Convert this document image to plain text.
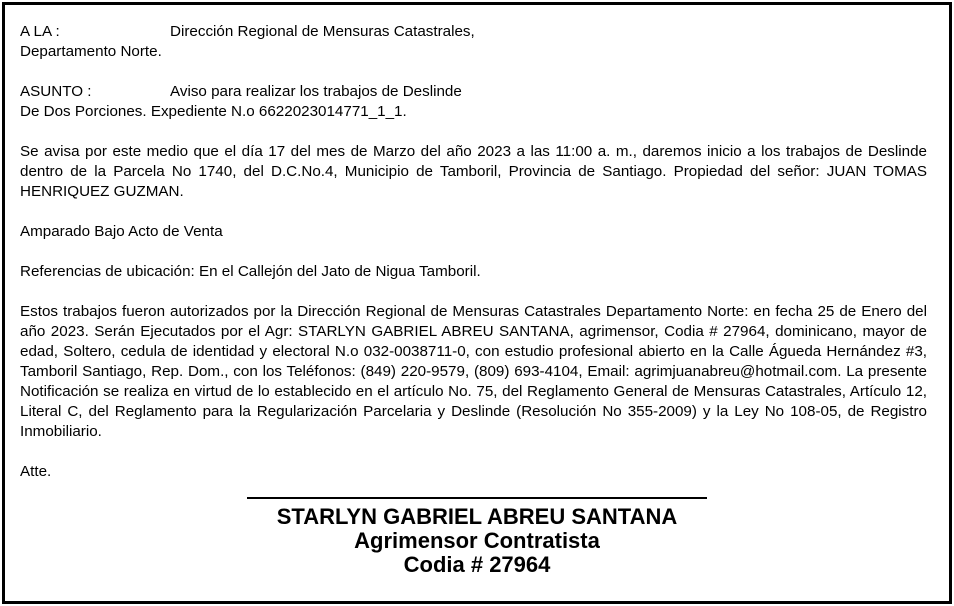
A LA :	Dirección Regional de Mensuras Catastrales,

Departamento Norte.

ASUNTO :	Aviso para realizar los trabajos de Deslinde

De Dos Porciones. Expediente N.o 6622023014771_1_1.

Se avisa por este medio que el día 17 del mes de Marzo del año 2023 a las 11:00 a. m., daremos inicio a los trabajos de Deslinde dentro de la Parcela No 1740, del D.C.No.4, Municipio de Tamboril, Provincia de Santiago. Propiedad del señor: JUAN TOMAS HENRIQUEZ GUZMAN.

Amparado Bajo Acto de Venta

Referencias de ubicación: En el Callejón del Jato de Nigua Tamboril.

Estos trabajos fueron autorizados por la Dirección Regional de Mensuras Catastrales Departamento Norte: en fecha 25 de Enero del año 2023. Serán Ejecutados por el Agr: STARLYN GABRIEL ABREU SANTANA, agrimensor, Codia # 27964, dominicano, mayor de edad, Soltero, cedula de identidad y electoral N.o 032-0038711-0, con estudio profesional abierto en la Calle Águeda Hernández #3, Tamboril Santiago, Rep. Dom., con los Teléfonos: (849) 220-9579, (809) 693-4104, Email: agrimjuanabreu@hotmail.com. La presente Notificación se realiza en virtud de lo establecido en el artículo No. 75, del Reglamento General de Mensuras Catastrales, Artículo 12, Literal C, del Reglamento para la Regularización Parcelaria y Deslinde (Resolución No 355-2009) y la Ley No 108-05, de Registro Inmobiliario.

Atte.

STARLYN GABRIEL ABREU SANTANA
Agrimensor Contratista
Codia # 27964
